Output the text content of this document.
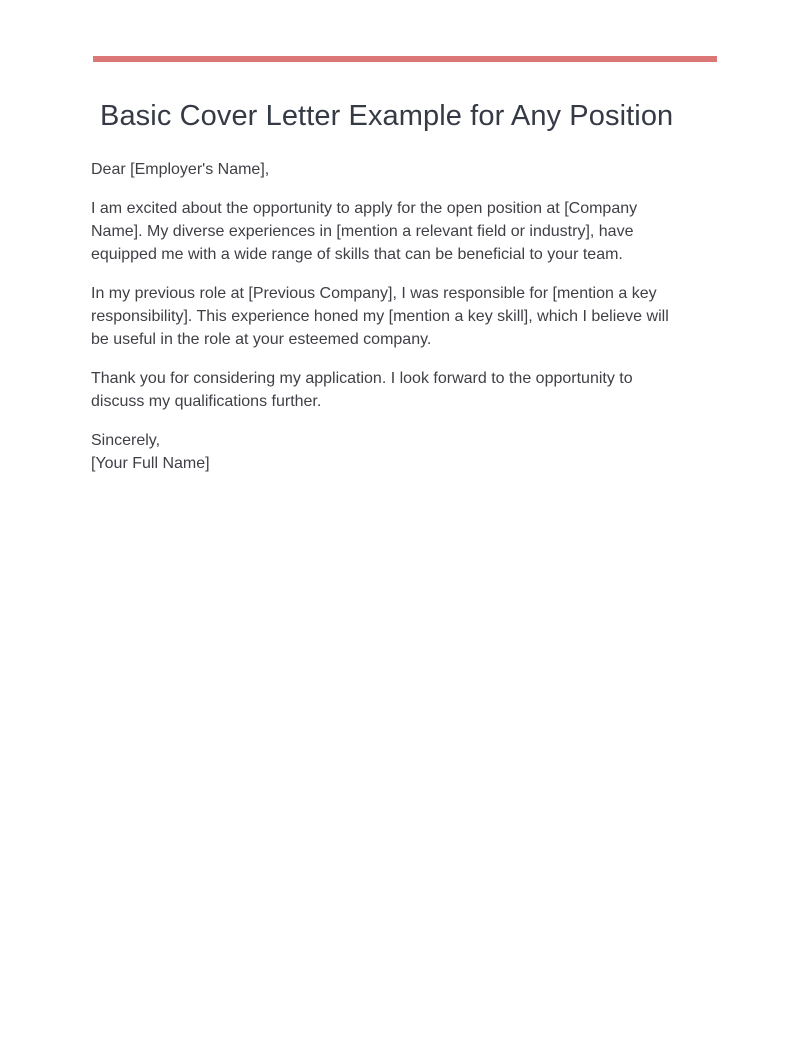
Basic Cover Letter Example for Any Position

Dear [Employer's Name],

I am excited about the opportunity to apply for the open position at [Company Name]. My diverse experiences in [mention a relevant field or industry], have equipped me with a wide range of skills that can be beneficial to your team.

In my previous role at [Previous Company], I was responsible for [mention a key responsibility]. This experience honed my [mention a key skill], which I believe will be useful in the role at your esteemed company.

Thank you for considering my application. I look forward to the opportunity to discuss my qualifications further.

Sincerely,
[Your Full Name]
